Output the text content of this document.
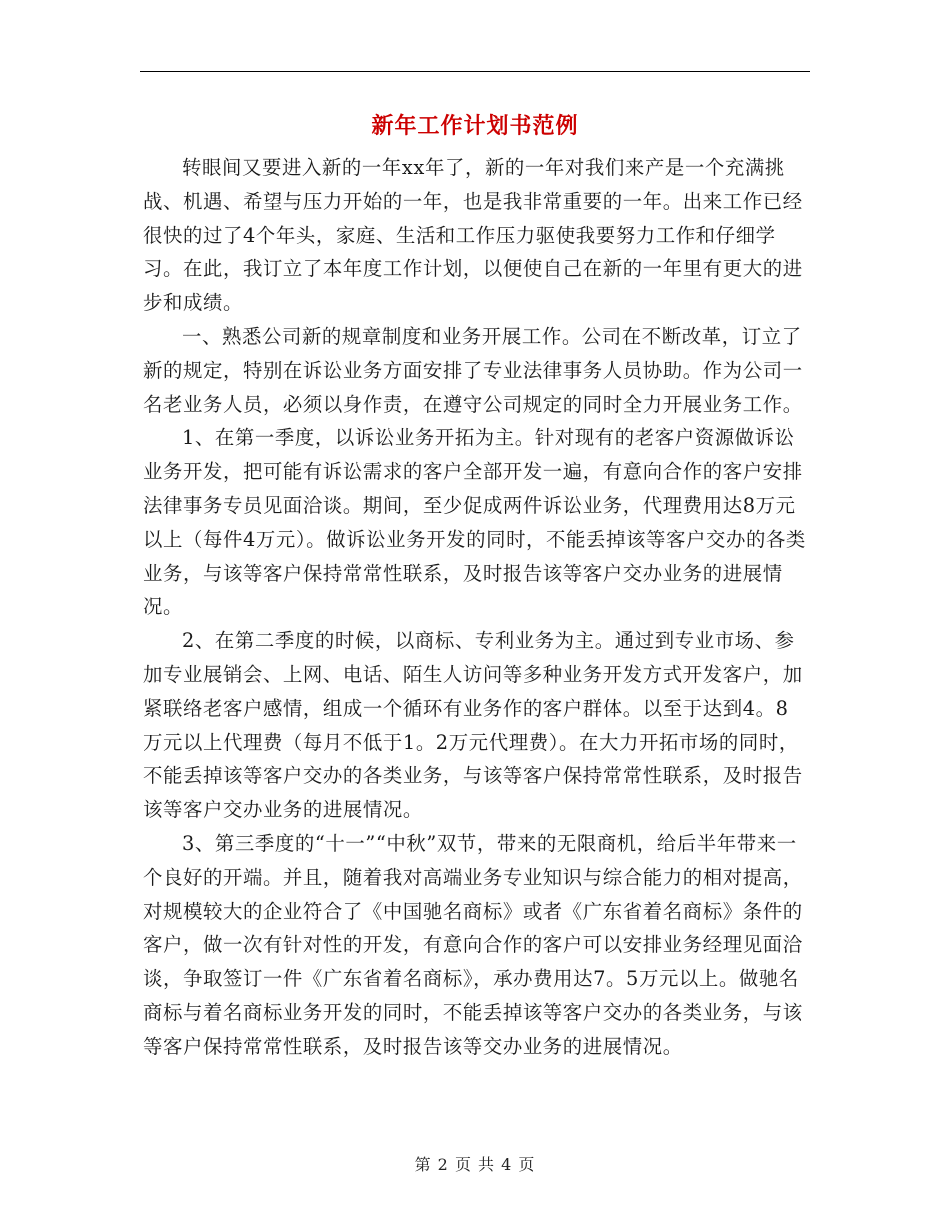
新年工作计划书范例

转眼间又要进入新的一年xx年了，新的一年对我们来产是一个充满挑战、机遇、希望与压力开始的一年，也是我非常重要的一年。出来工作已经很快的过了4个年头，家庭、生活和工作压力驱使我要努力工作和仔细学习。在此，我订立了本年度工作计划，以便使自己在新的一年里有更大的进步和成绩。

一、熟悉公司新的规章制度和业务开展工作。公司在不断改革，订立了新的规定，特别在诉讼业务方面安排了专业法律事务人员协助。作为公司一名老业务人员，必须以身作责，在遵守公司规定的同时全力开展业务工作。

1、在第一季度，以诉讼业务开拓为主。针对现有的老客户资源做诉讼业务开发，把可能有诉讼需求的客户全部开发一遍，有意向合作的客户安排法律事务专员见面洽谈。期间，至少促成两件诉讼业务，代理费用达8万元以上（每件4万元）。做诉讼业务开发的同时，不能丢掉该等客户交办的各类业务，与该等客户保持常常性联系，及时报告该等客户交办业务的进展情况。

2、在第二季度的时候，以商标、专利业务为主。通过到专业市场、参加专业展销会、上网、电话、陌生人访问等多种业务开发方式开发客户，加紧联络老客户感情，组成一个循环有业务作的客户群体。以至于达到4。8万元以上代理费（每月不低于1。2万元代理费）。在大力开拓市场的同时，不能丢掉该等客户交办的各类业务，与该等客户保持常常性联系，及时报告该等客户交办业务的进展情况。

3、第三季度的“十一”“中秋”双节，带来的无限商机，给后半年带来一个良好的开端。并且，随着我对高端业务专业知识与综合能力的相对提高，对规模较大的企业符合了《中国驰名商标》或者《广东省着名商标》条件的客户，做一次有针对性的开发，有意向合作的客户可以安排业务经理见面洽谈，争取签订一件《广东省着名商标》，承办费用达7。5万元以上。做驰名商标与着名商标业务开发的同时，不能丢掉该等客户交办的各类业务，与该等客户保持常常性联系，及时报告该等交办业务的进展情况。

第 2 页 共 4 页
